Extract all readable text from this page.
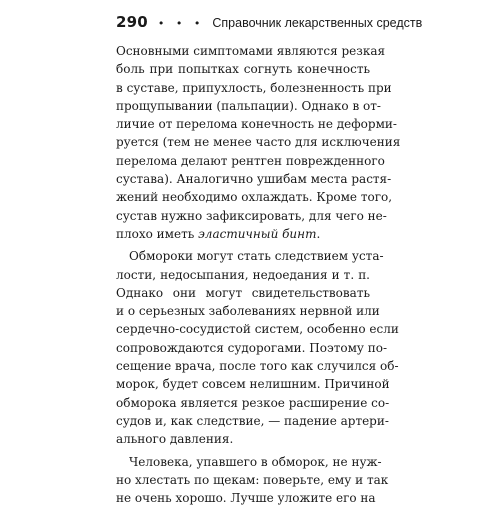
290 • • • Справочник лекарственных средств
Основными симптомами являются резкая
боль при попытках согнуть конечность
в суставе, припухлость, болезненность при
прощупывании (пальпации). Однако в от-
личие от перелома конечность не деформи-
руется (тем не менее часто для исключения
перелома делают рентген поврежденного
сустава). Аналогично ушибам места растя-
жений необходимо охлаждать. Кроме того,
сустав нужно зафиксировать, для чего не-
плохо иметь эластичный бинт.
Обмороки могут стать следствием уста-
лости, недосыпания, недоедания и т. п.
Однако они могут свидетельствовать
и о серьезных заболеваниях нервной или
сердечно-сосудистой систем, особенно если
сопровождаются судорогами. Поэтому по-
сещение врача, после того как случился об-
морок, будет совсем нелишним. Причиной
обморока является резкое расширение со-
судов и, как следствие, — падение артери-
ального давления.
Человека, упавшего в обморок, не нуж-
но хлестать по щекам: поверьте, ему и так
не очень хорошо. Лучше уложите его на
